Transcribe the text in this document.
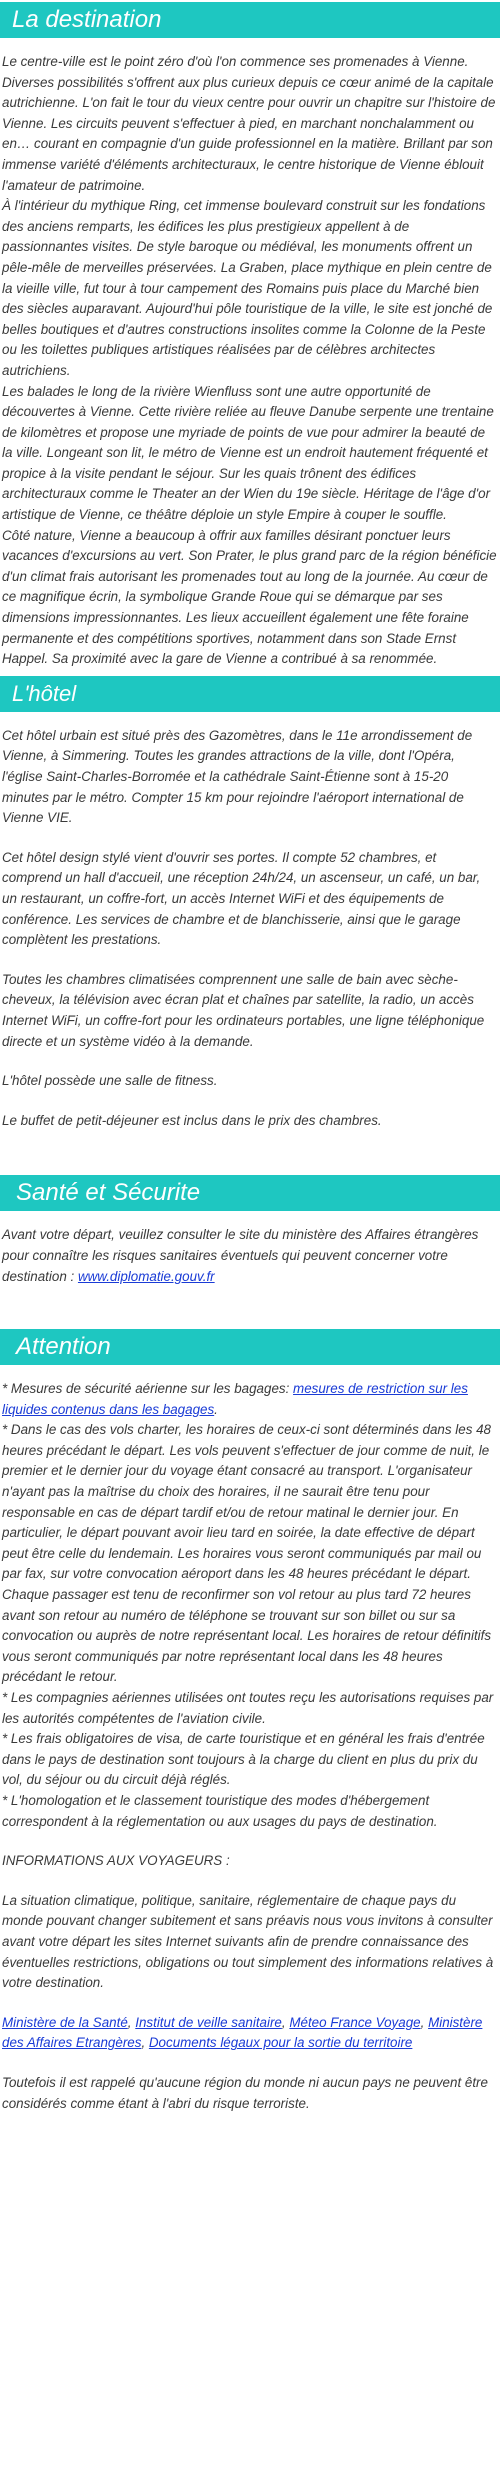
La destination

Le centre-ville est le point zéro d'où l'on commence ses promenades à Vienne. Diverses possibilités s'offrent aux plus curieux depuis ce cœur animé de la capitale autrichienne. L'on fait le tour du vieux centre pour ouvrir un chapitre sur l'histoire de Vienne. Les circuits peuvent s'effectuer à pied, en marchant nonchalamment ou en… courant en compagnie d'un guide professionnel en la matière. Brillant par son immense variété d'éléments architecturaux, le centre historique de Vienne éblouit l'amateur de patrimoine.

À l'intérieur du mythique Ring, cet immense boulevard construit sur les fondations des anciens remparts, les édifices les plus prestigieux appellent à de passionnantes visites. De style baroque ou médiéval, les monuments offrent un pêle-mêle de merveilles préservées. La Graben, place mythique en plein centre de la vieille ville, fut tour à tour campement des Romains puis place du Marché bien des siècles auparavant. Aujourd'hui pôle touristique de la ville, le site est jonché de belles boutiques et d'autres constructions insolites comme la Colonne de la Peste ou les toilettes publiques artistiques réalisées par de célèbres architectes autrichiens.

Les balades le long de la rivière Wienfluss sont une autre opportunité de découvertes à Vienne. Cette rivière reliée au fleuve Danube serpente une trentaine de kilomètres et propose une myriade de points de vue pour admirer la beauté de la ville. Longeant son lit, le métro de Vienne est un endroit hautement fréquenté et propice à la visite pendant le séjour. Sur les quais trônent des édifices architecturaux comme le Theater an der Wien du 19e siècle. Héritage de l'âge d'or artistique de Vienne, ce théâtre déploie un style Empire à couper le souffle.

Côté nature, Vienne a beaucoup à offrir aux familles désirant ponctuer leurs vacances d'excursions au vert. Son Prater, le plus grand parc de la région bénéficie d'un climat frais autorisant les promenades tout au long de la journée. Au cœur de ce magnifique écrin, la symbolique Grande Roue qui se démarque par ses dimensions impressionnantes. Les lieux accueillent également une fête foraine permanente et des compétitions sportives, notamment dans son Stade Ernst Happel. Sa proximité avec la gare de Vienne a contribué à sa renommée.

L'hôtel

Cet hôtel urbain est situé près des Gazomètres, dans le 11e arrondissement de Vienne, à Simmering. Toutes les grandes attractions de la ville, dont l'Opéra, l'église Saint-Charles-Borromée et la cathédrale Saint-Étienne sont à 15-20 minutes par le métro. Compter 15 km pour rejoindre l'aéroport international de Vienne VIE.

Cet hôtel design stylé vient d'ouvrir ses portes. Il compte 52 chambres, et comprend un hall d'accueil, une réception 24h/24, un ascenseur, un café, un bar, un restaurant, un coffre-fort, un accès Internet WiFi et des équipements de conférence. Les services de chambre et de blanchisserie, ainsi que le garage complètent les prestations.

Toutes les chambres climatisées comprennent une salle de bain avec sèche-cheveux, la télévision avec écran plat et chaînes par satellite, la radio, un accès Internet WiFi, un coffre-fort pour les ordinateurs portables, une ligne téléphonique directe et un système vidéo à la demande.

L'hôtel possède une salle de fitness.

Le buffet de petit-déjeuner est inclus dans le prix des chambres.

Santé et Sécurite

Avant votre départ, veuillez consulter le site du ministère des Affaires étrangères pour connaître les risques sanitaires éventuels qui peuvent concerner votre destination : www.diplomatie.gouv.fr

Attention

* Mesures de sécurité aérienne sur les bagages: mesures de restriction sur les liquides contenus dans les bagages.

* Dans le cas des vols charter, les horaires de ceux-ci sont déterminés dans les 48 heures précédant le départ. Les vols peuvent s'effectuer de jour comme de nuit, le premier et le dernier jour du voyage étant consacré au transport. L'organisateur n'ayant pas la maîtrise du choix des horaires, il ne saurait être tenu pour responsable en cas de départ tardif et/ou de retour matinal le dernier jour. En particulier, le départ pouvant avoir lieu tard en soirée, la date effective de départ peut être celle du lendemain. Les horaires vous seront communiqués par mail ou par fax, sur votre convocation aéroport dans les 48 heures précédant le départ. Chaque passager est tenu de reconfirmer son vol retour au plus tard 72 heures avant son retour au numéro de téléphone se trouvant sur son billet ou sur sa convocation ou auprès de notre représentant local. Les horaires de retour définitifs vous seront communiqués par notre représentant local dans les 48 heures précédant le retour.

* Les compagnies aériennes utilisées ont toutes reçu les autorisations requises par les autorités compétentes de l'aviation civile.

* Les frais obligatoires de visa, de carte touristique et en général les frais d'entrée dans le pays de destination sont toujours à la charge du client en plus du prix du vol, du séjour ou du circuit déjà réglés.

* L'homologation et le classement touristique des modes d'hébergement correspondent à la réglementation ou aux usages du pays de destination.

INFORMATIONS AUX VOYAGEURS :

La situation climatique, politique, sanitaire, réglementaire de chaque pays du monde pouvant changer subitement et sans préavis nous vous invitons à consulter avant votre départ les sites Internet suivants afin de prendre connaissance des éventuelles restrictions, obligations ou tout simplement des informations relatives à votre destination.

Ministère de la Santé, Institut de veille sanitaire, Méteo France Voyage, Ministère des Affaires Etrangères, Documents légaux pour la sortie du territoire

Toutefois il est rappelé qu'aucune région du monde ni aucun pays ne peuvent être considérés comme étant à l'abri du risque terroriste.
